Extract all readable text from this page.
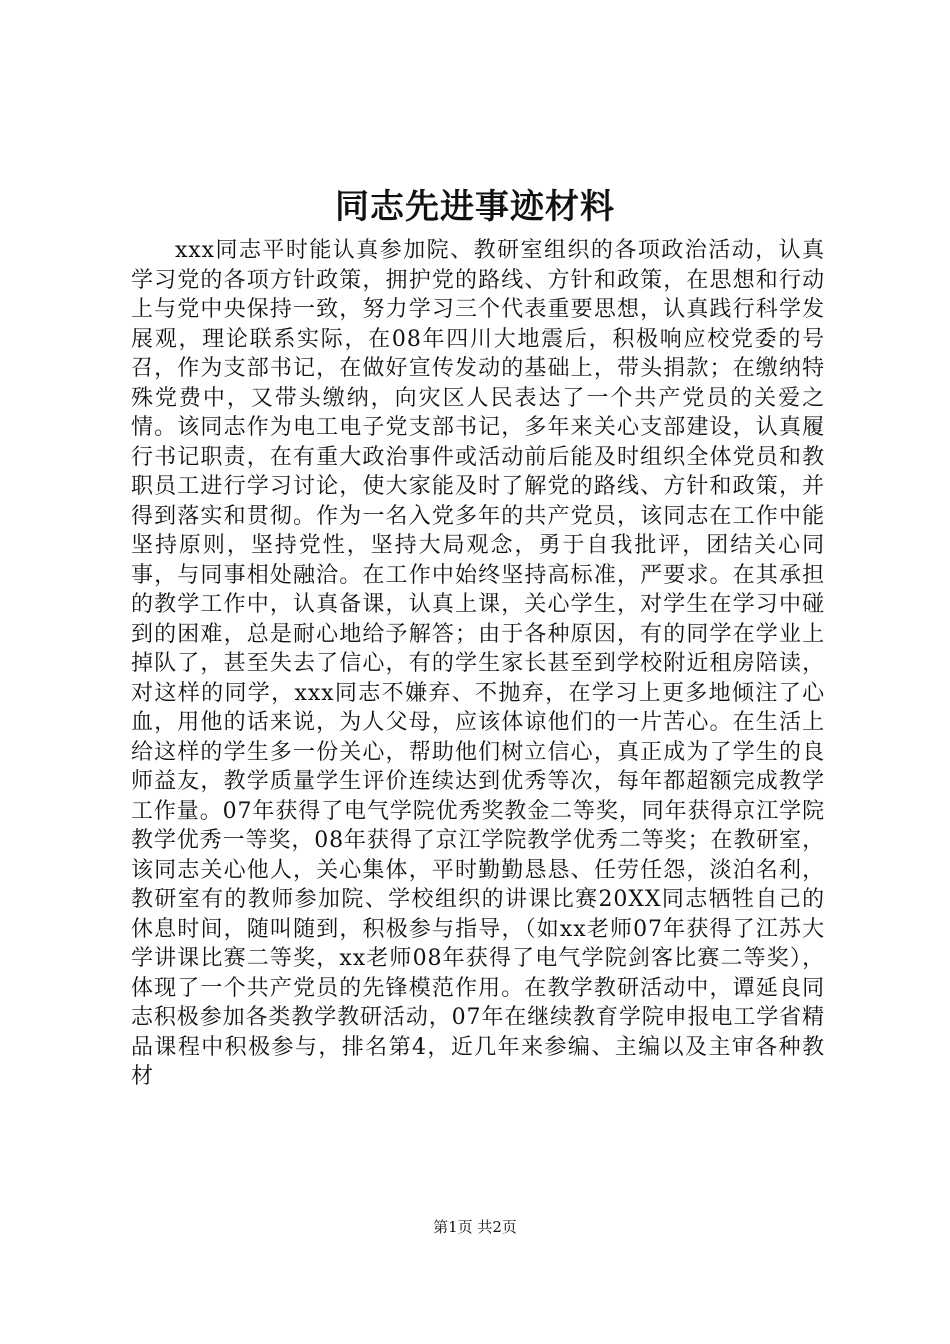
同志先进事迹材料

xxx同志平时能认真参加院、教研室组织的各项政治活动，认真学习党的各项方针政策，拥护党的路线、方针和政策，在思想和行动上与党中央保持一致，努力学习三个代表重要思想，认真践行科学发展观，理论联系实际，在08年四川大地震后，积极响应校党委的号召，作为支部书记，在做好宣传发动的基础上，带头捐款；在缴纳特殊党费中，又带头缴纳，向灾区人民表达了一个共产党员的关爱之情。该同志作为电工电子党支部书记，多年来关心支部建设，认真履行书记职责，在有重大政治事件或活动前后能及时组织全体党员和教职员工进行学习讨论，使大家能及时了解党的路线、方针和政策，并得到落实和贯彻。作为一名入党多年的共产党员，该同志在工作中能坚持原则，坚持党性，坚持大局观念，勇于自我批评，团结关心同事，与同事相处融洽。在工作中始终坚持高标准，严要求。在其承担的教学工作中，认真备课，认真上课，关心学生，对学生在学习中碰到的困难，总是耐心地给予解答；由于各种原因，有的同学在学业上掉队了，甚至失去了信心，有的学生家长甚至到学校附近租房陪读，对这样的同学，xxx同志不嫌弃、不抛弃，在学习上更多地倾注了心血，用他的话来说，为人父母，应该体谅他们的一片苦心。在生活上给这样的学生多一份关心，帮助他们树立信心，真正成为了学生的良师益友，教学质量学生评价连续达到优秀等次，每年都超额完成教学工作量。07年获得了电气学院优秀奖教金二等奖，同年获得京江学院教学优秀一等奖，08年获得了京江学院教学优秀二等奖；在教研室，该同志关心他人，关心集体，平时勤勤恳恳、任劳任怨，淡泊名利，教研室有的教师参加院、学校组织的讲课比赛20XX同志牺牲自己的休息时间，随叫随到，积极参与指导，（如xx老师07年获得了江苏大学讲课比赛二等奖，xx老师08年获得了电气学院剑客比赛二等奖），体现了一个共产党员的先锋模范作用。在教学教研活动中，谭延良同志积极参加各类教学教研活动，07年在继续教育学院申报电工学省精品课程中积极参与，排名第4，近几年来参编、主编以及主审各种教材

第1页 共2页
